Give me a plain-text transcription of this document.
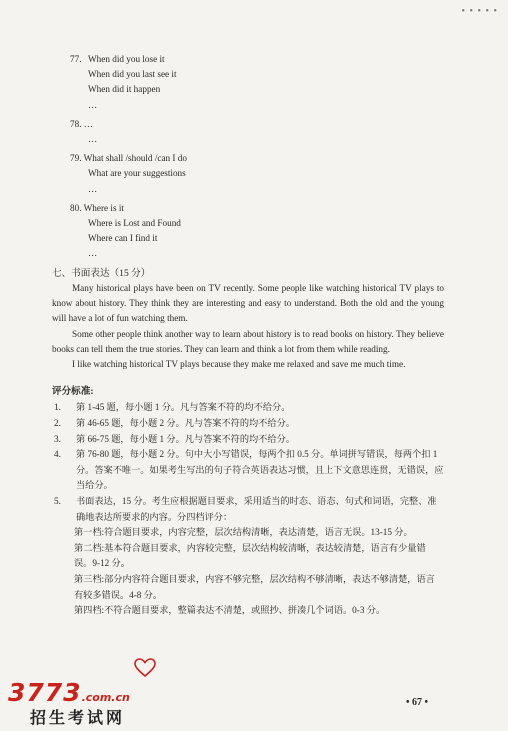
• • • • •
77. When did you lose it
When did you last see it
When did it happen
…
78. …
…
79. What shall /should /can I do
What are your suggestions
…
80. Where is it
Where is Lost and Found
Where can I find it
…
七、书面表达（15 分）

Many historical plays have been on TV recently. Some people like watching historical TV plays to know about history. They think they are interesting and easy to understand. Both the old and the young will have a lot of fun watching them.

Some other people think another way to learn about history is to read books on history. They believe books can tell them the true stories. They can learn and think a lot from them while reading.

I like watching historical TV plays because they make me relaxed and save me much time.

评分标准:
1.	第 1-45 题，每小题 1 分。凡与答案不符的均不给分。
2.	第 46-65 题，每小题 2 分。凡与答案不符的均不给分。
3.	第 66-75 题，每小题 1 分。凡与答案不符的均不给分。
4.	第 76-80 题，每小题 2 分。句中大小写错误，每两个扣 0.5 分。单词拼写错误，每两个扣 1 分。答案不唯一。如果考生写出的句子符合英语表达习惯，且上下文意思连贯，无错误，应当给分。
5.	书面表达，15 分。考生应根据题目要求，采用适当的时态、语态、句式和词语，完整、准确地表达所要求的内容。分四档评分：
第一档:符合题目要求，内容完整，层次结构清晰，表达清楚，语言无误。13-15 分。
第二档:基本符合题目要求，内容较完整，层次结构较清晰，表达较清楚，语言有少量错误。9-12 分。
第三档:部分内容符合题目要求，内容不够完整，层次结构不够清晰，表达不够清楚，语言有较多错误。4-8 分。
第四档:不符合题目要求，整篇表达不清楚，或照抄、拼凑几个词语。0-3 分。
3773.com.cn
招生考试网
• 67 •
